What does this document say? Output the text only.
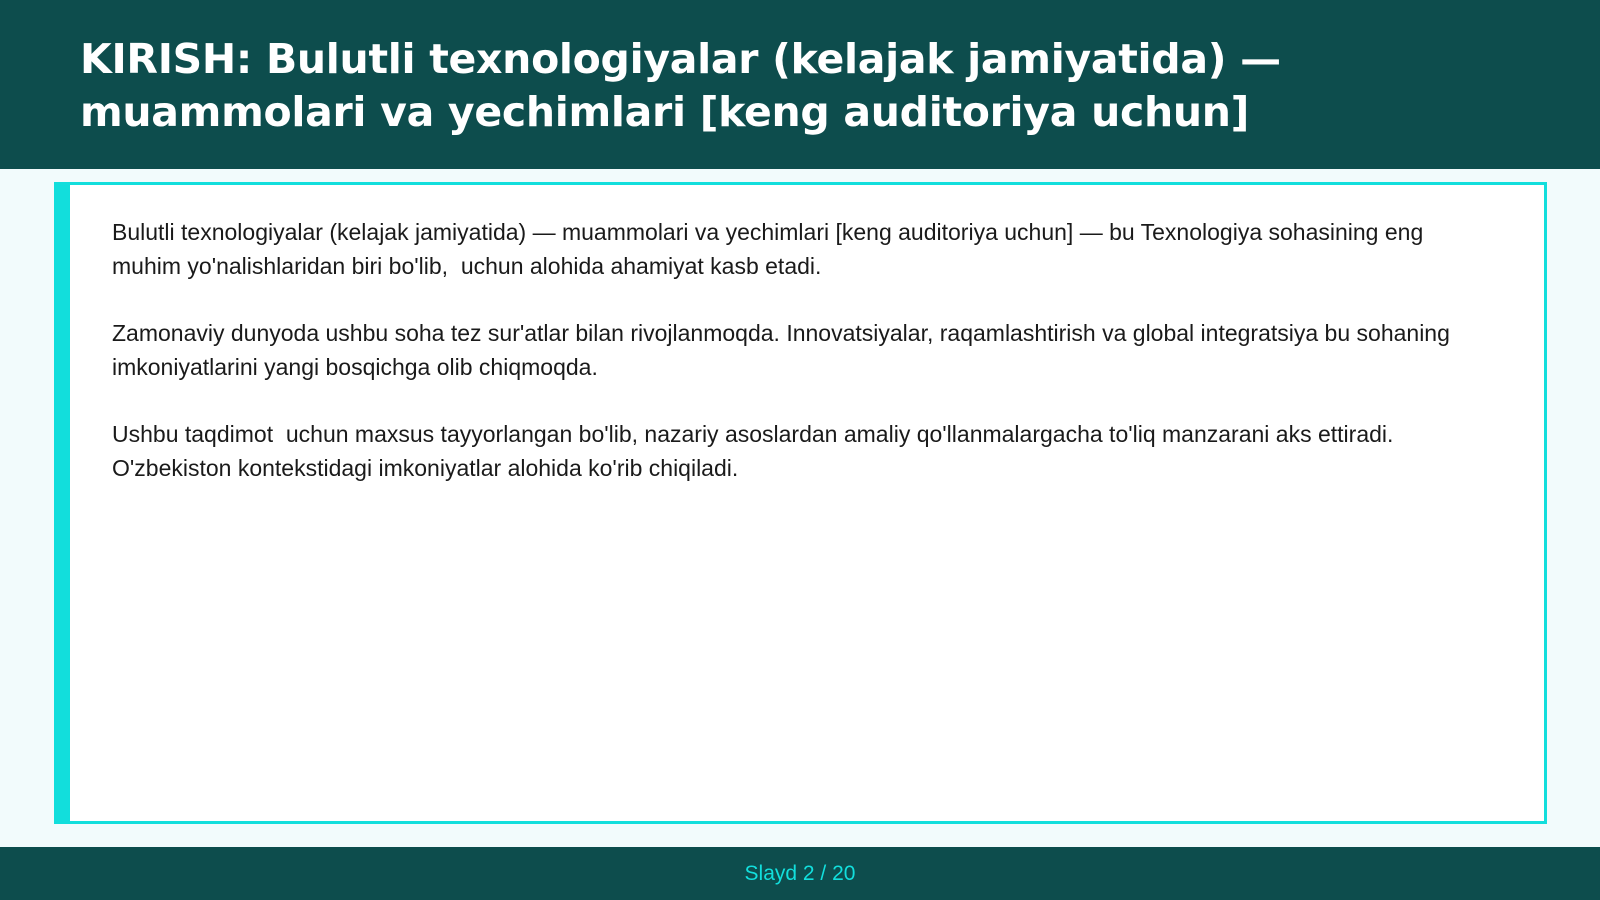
KIRISH: Bulutli texnologiyalar (kelajak jamiyatida) — muammolari va yechimlari [keng auditoriya uchun]

Bulutli texnologiyalar (kelajak jamiyatida) — muammolari va yechimlari [keng auditoriya uchun] — bu Texnologiya sohasining eng muhim yo'nalishlaridan biri bo'lib,  uchun alohida ahamiyat kasb etadi.

Zamonaviy dunyoda ushbu soha tez sur'atlar bilan rivojlanmoqda. Innovatsiyalar, raqamlashtirish va global integratsiya bu sohaning imkoniyatlarini yangi bosqichga olib chiqmoqda.

Ushbu taqdimot  uchun maxsus tayyorlangan bo'lib, nazariy asoslardan amaliy qo'llanmalargacha to'liq manzarani aks ettiradi. O'zbekiston kontekstidagi imkoniyatlar alohida ko'rib chiqiladi.

Slayd 2 / 20
